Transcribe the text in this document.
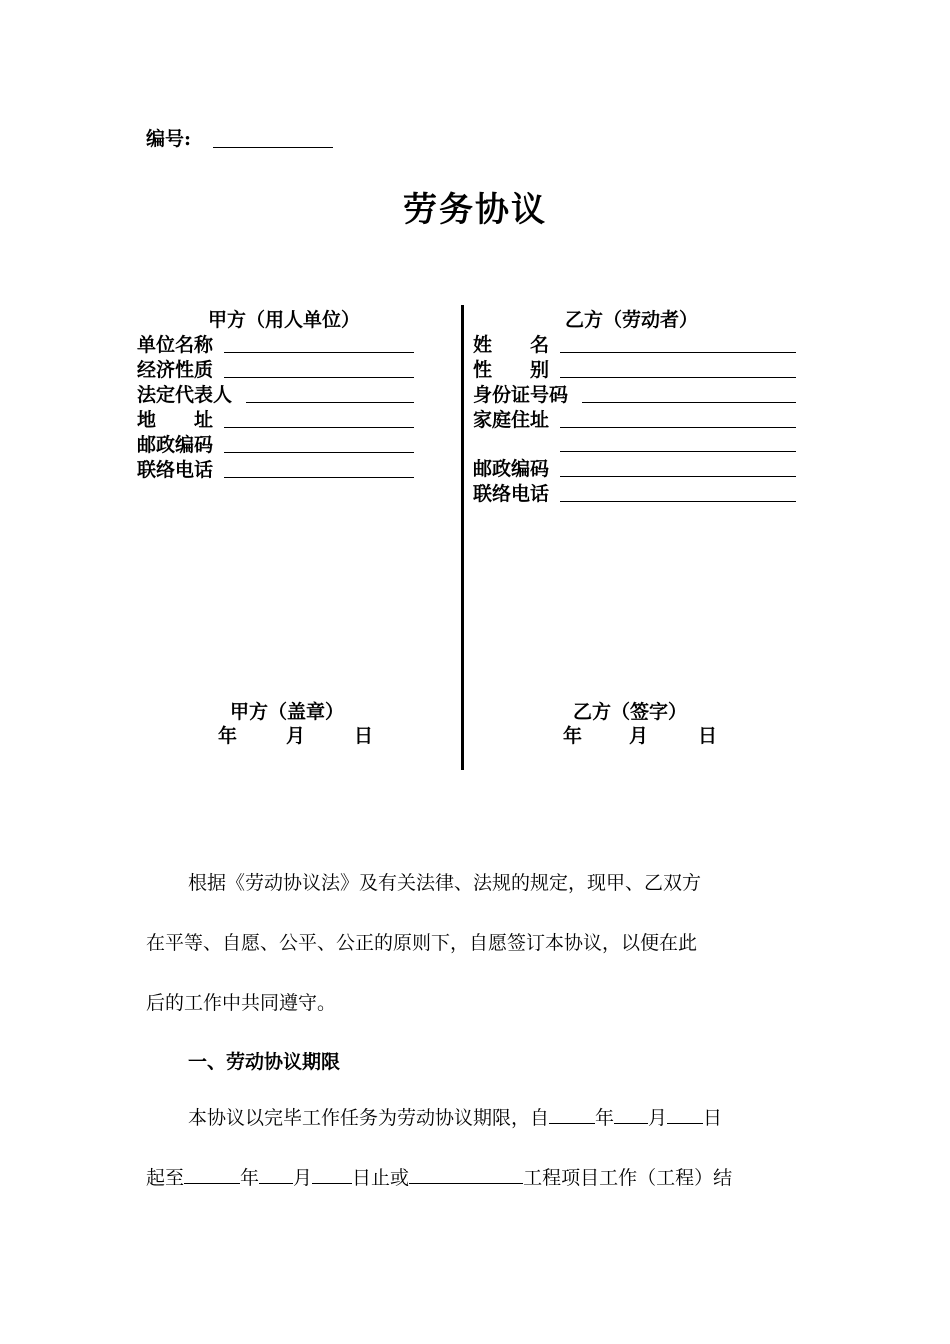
编号:
劳务协议
甲方（用人单位）
单位名称
经济性质
法定代表人
地　　址
邮政编码
联络电话
乙方（劳动者）
姓　　名
性　　别
身份证号码
家庭住址
邮政编码
联络电话
甲方（盖章）
年	月	日
乙方（签字）
年 月	日
根据《劳动协议法》及有关法律、法规的规定，现甲、乙双方
在平等、自愿、公平、公正的原则下，自愿签订本协议，以便在此
后的工作中共同遵守。
一、劳动协议期限
本协议以完毕工作任务为劳动协议期限，自 年 月 日
起至	年 月 日止或	工程项目工作（工程）结
